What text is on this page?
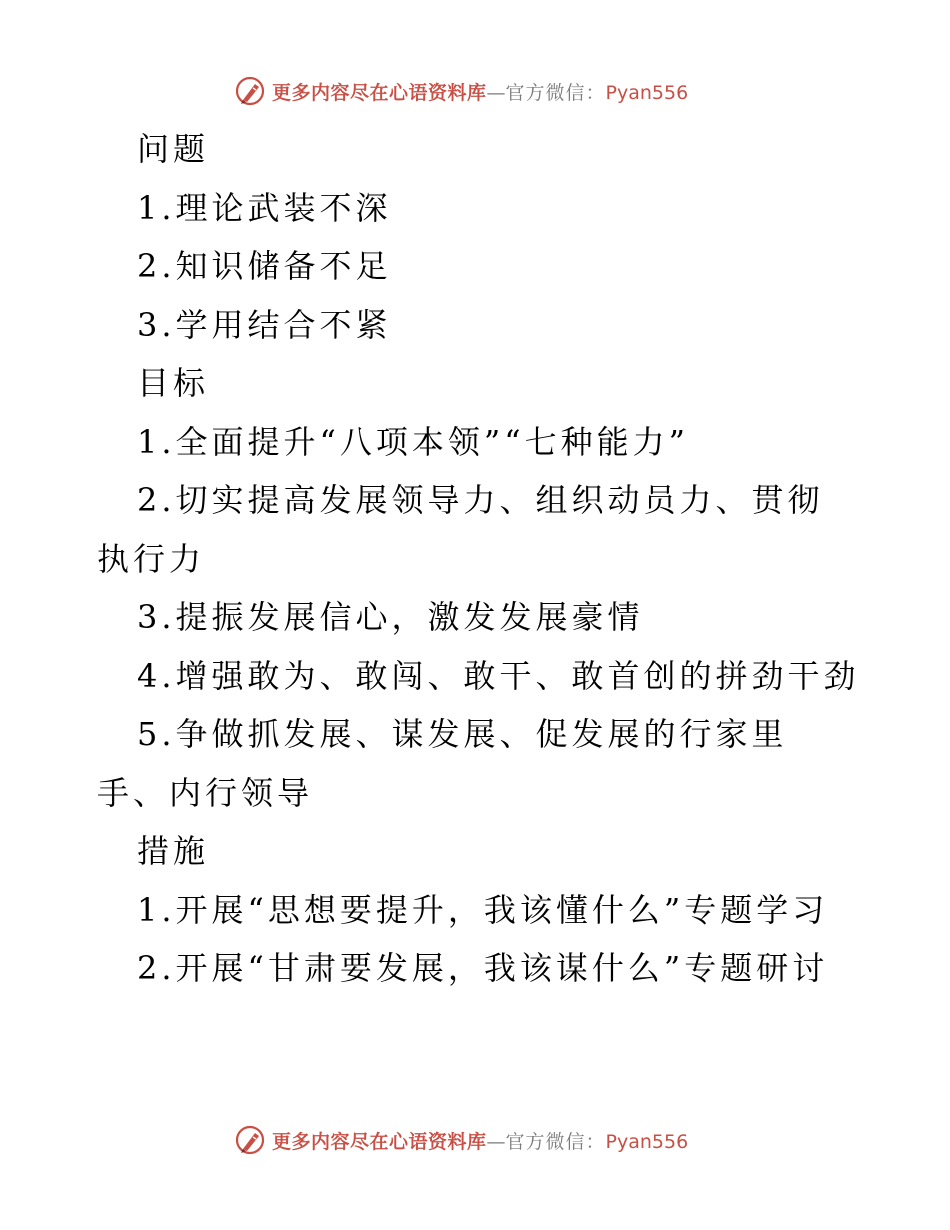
更多内容尽在心语资料库—官方微信：Pyan556
问题
1.理论武装不深
2.知识储备不足
3.学用结合不紧
目标
1.全面提升“八项本领”“七种能力”
2.切实提高发展领导力、组织动员力、贯彻执行力
3.提振发展信心，激发发展豪情
4.增强敢为、敢闯、敢干、敢首创的拼劲干劲
5.争做抓发展、谋发展、促发展的行家里手、内行领导
措施
1.开展“思想要提升，我该懂什么”专题学习
2.开展“甘肃要发展，我该谋什么”专题研讨
更多内容尽在心语资料库—官方微信：Pyan556
